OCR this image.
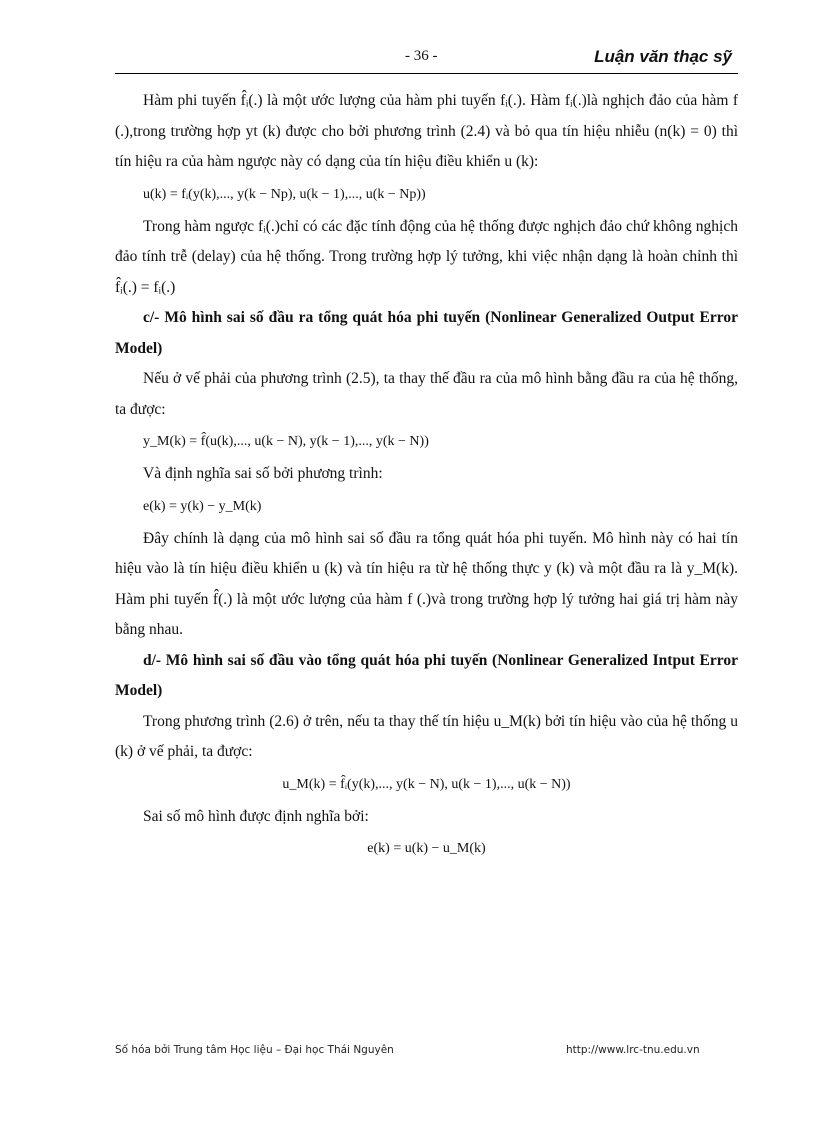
- 36 -	Luận văn thạc sỹ

Hàm phi tuyến f̂ᵢ(.) là một ước lượng của hàm phi tuyến fᵢ(.). Hàm fᵢ(.)là nghịch đảo của hàm f (.),trong trường hợp yt (k) được cho bởi phương trình (2.4) và bỏ qua tín hiệu nhiễu (n(k) = 0) thì tín hiệu ra của hàm ngược này có dạng của tín hiệu điều khiển u (k):

u(k) = fᵢ(y(k),..., y(k − Np), u(k − 1),..., u(k − Np))

Trong hàm ngược fᵢ(.)chỉ có các đặc tính động của hệ thống được nghịch đảo chứ không nghịch đảo tính trễ (delay) của hệ thống. Trong trường hợp lý tưởng, khi việc nhận dạng là hoàn chỉnh thì f̂ᵢ(.) = fᵢ(.)

c/- Mô hình sai số đầu ra tổng quát hóa phi tuyến (Nonlinear Generalized Output Error Model)

Nếu ở vế phải của phương trình (2.5), ta thay thế đầu ra của mô hình bằng đầu ra của hệ thống, ta được:

y_M(k) = f̂(u(k),..., u(k − N), y(k − 1),..., y(k − N))

Và định nghĩa sai số bởi phương trình:

e(k) = y(k) − y_M(k)

Đây chính là dạng của mô hình sai số đầu ra tổng quát hóa phi tuyến. Mô hình này có hai tín hiệu vào là tín hiệu điều khiển u (k) và tín hiệu ra từ hệ thống thực y (k) và một đầu ra là y_M(k). Hàm phi tuyến f̂(.) là một ước lượng của hàm f (.)và trong trường hợp lý tưởng hai giá trị hàm này bằng nhau.

d/- Mô hình sai số đầu vào tổng quát hóa phi tuyến (Nonlinear Generalized Intput Error Model)

Trong phương trình (2.6) ở trên, nếu ta thay thế tín hiệu u_M(k) bởi tín hiệu vào của hệ thống u (k) ở vế phải, ta được:

u_M(k) = f̂ᵢ(y(k),..., y(k − N), u(k − 1),..., u(k − N))

Sai số mô hình được định nghĩa bởi:

e(k) = u(k) − u_M(k)

Số hóa bởi Trung tâm Học liệu – Đại học Thái Nguyên	http://www.lrc-tnu.edu.vn
